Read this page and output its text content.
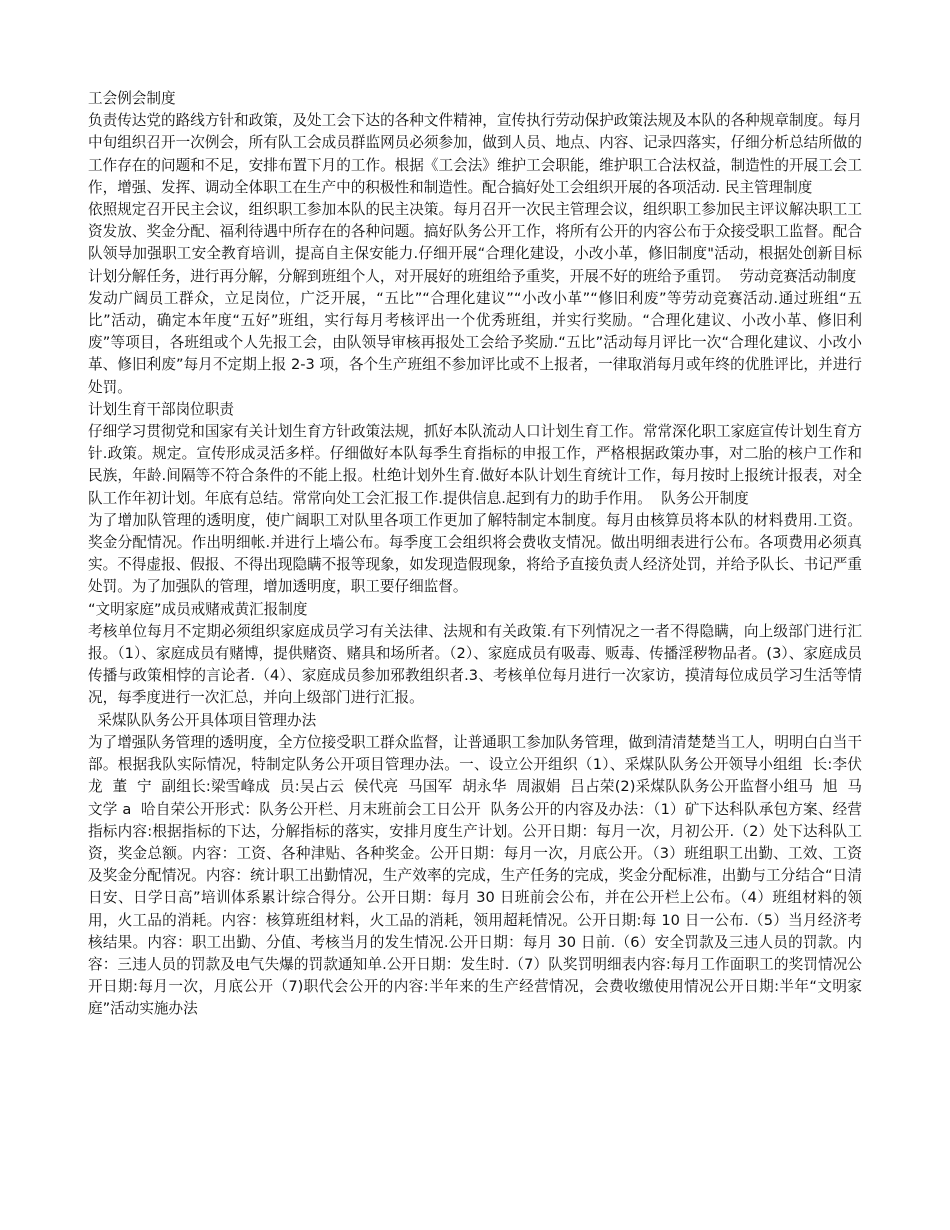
工会例会制度

负责传达党的路线方针和政策，及处工会下达的各种文件精神，宣传执行劳动保护政策法规及本队的各种规章制度。每月中旬组织召开一次例会，所有队工会成员群监网员必须参加，做到人员、地点、内容、记录四落实，仔细分析总结所做的工作存在的问题和不足，安排布置下月的工作。根据《工会法》维护工会职能，维护职工合法权益，制造性的开展工会工作，增强、发挥、调动全体职工在生产中的积极性和制造性。配合搞好处工会组织开展的各项活动. 民主管理制度

依照规定召开民主会议，组织职工参加本队的民主决策。每月召开一次民主管理会议，组织职工参加民主评议解决职工工资发放、奖金分配、福利待遇中所存在的各种问题。搞好队务公开工作，将所有公开的内容公布于众接受职工监督。配合队领导加强职工安全教育培训，提高自主保安能力.仔细开展“合理化建设，小改小革，修旧制度"活动，根据处创新目标计划分解任务，进行再分解，分解到班组个人，对开展好的班组给予重奖，开展不好的班给予重罚。  劳动竞赛活动制度

发动广阔员工群众，立足岗位，广泛开展，“五比”“合理化建议”“小改小革”“修旧利废”等劳动竞赛活动.通过班组“五比”活动，确定本年度“五好”班组，实行每月考核评出一个优秀班组，并实行奖励。“合理化建议、小改小革、修旧利废”等项目，各班组或个人先报工会，由队领导审核再报处工会给予奖励.“五比”活动每月评比一次“合理化建议、小改小革、修旧利废”每月不定期上报 2-3 项，各个生产班组不参加评比或不上报者，一律取消每月或年终的优胜评比，并进行处罚。

计划生育干部岗位职责

仔细学习贯彻党和国家有关计划生育方针政策法规，抓好本队流动人口计划生育工作。常常深化职工家庭宣传计划生育方针.政策。规定。宣传形成灵活多样。仔细做好本队每季生育指标的申报工作，严格根据政策办事，对二胎的核户工作和民族，年龄.间隔等不符合条件的不能上报。杜绝计划外生育.做好本队计划生育统计工作，每月按时上报统计报表，对全队工作年初计划。年底有总结。常常向处工会汇报工作.提供信息.起到有力的助手作用。  队务公开制度

为了增加队管理的透明度，使广阔职工对队里各项工作更加了解特制定本制度。每月由核算员将本队的材料费用.工资。奖金分配情况。作出明细帐.并进行上墙公布。每季度工会组织将会费收支情况。做出明细表进行公布。各项费用必须真实。不得虚报、假报、不得出现隐瞒不报等现象，如发现造假现象，将给予直接负责人经济处罚，并给予队长、书记严重处罚。为了加强队的管理，增加透明度，职工要仔细监督。

“文明家庭”成员戒赌戒黄汇报制度

考核单位每月不定期必须组织家庭成员学习有关法律、法规和有关政策.有下列情况之一者不得隐瞒，向上级部门进行汇报。（1）、家庭成员有赌博，提供赌资、赌具和场所者。（2）、家庭成员有吸毒、贩毒、传播淫秽物品者。(3）、家庭成员传播与政策相悖的言论者.（4）、家庭成员参加邪教组织者.3、考核单位每月进行一次家访，摸清每位成员学习生活等情况，每季度进行一次汇总，并向上级部门进行汇报。

采煤队队务公开具体项目管理办法

为了增强队务管理的透明度，全方位接受职工群众监督，让普通职工参加队务管理，做到清清楚楚当工人，明明白白当干部。根据我队实际情况，特制定队务公开项目管理办法。一、设立公开组织（1）、采煤队队务公开领导小组组  长:李伏龙  董  宁  副组长:梁雪峰成  员:吴占云  侯代亮  马国军  胡永华  周淑娟  吕占荣(2)采煤队队务公开监督小组马  旭  马文学 a  哈自荣公开形式：队务公开栏、月末班前会工日公开  队务公开的内容及办法：（1）矿下达科队承包方案、经营指标内容:根据指标的下达，分解指标的落实，安排月度生产计划。公开日期：每月一次，月初公开.（2）处下达科队工资，奖金总额。内容：工资、各种津贴、各种奖金。公开日期：每月一次，月底公开。（3）班组职工出勤、工效、工资及奖金分配情况。内容：统计职工出勤情况，生产效率的完成，生产任务的完成，奖金分配标准，出勤与工分结合“日清日安、日学日高”培训体系累计综合得分。公开日期：每月 30 日班前会公布，并在公开栏上公布。（4）班组材料的领用，火工品的消耗。内容：核算班组材料，火工品的消耗，领用超耗情况。公开日期:每 10 日一公布.（5）当月经济考核结果。内容：职工出勤、分值、考核当月的发生情况.公开日期：每月 30 日前.（6）安全罚款及三违人员的罚款。内容：三违人员的罚款及电气失爆的罚款通知单.公开日期：发生时.（7）队奖罚明细表内容:每月工作面职工的奖罚情况公开日期:每月一次，月底公开（7)职代会公开的内容:半年来的生产经营情况，会费收缴使用情况公开日期:半年“文明家庭”活动实施办法
